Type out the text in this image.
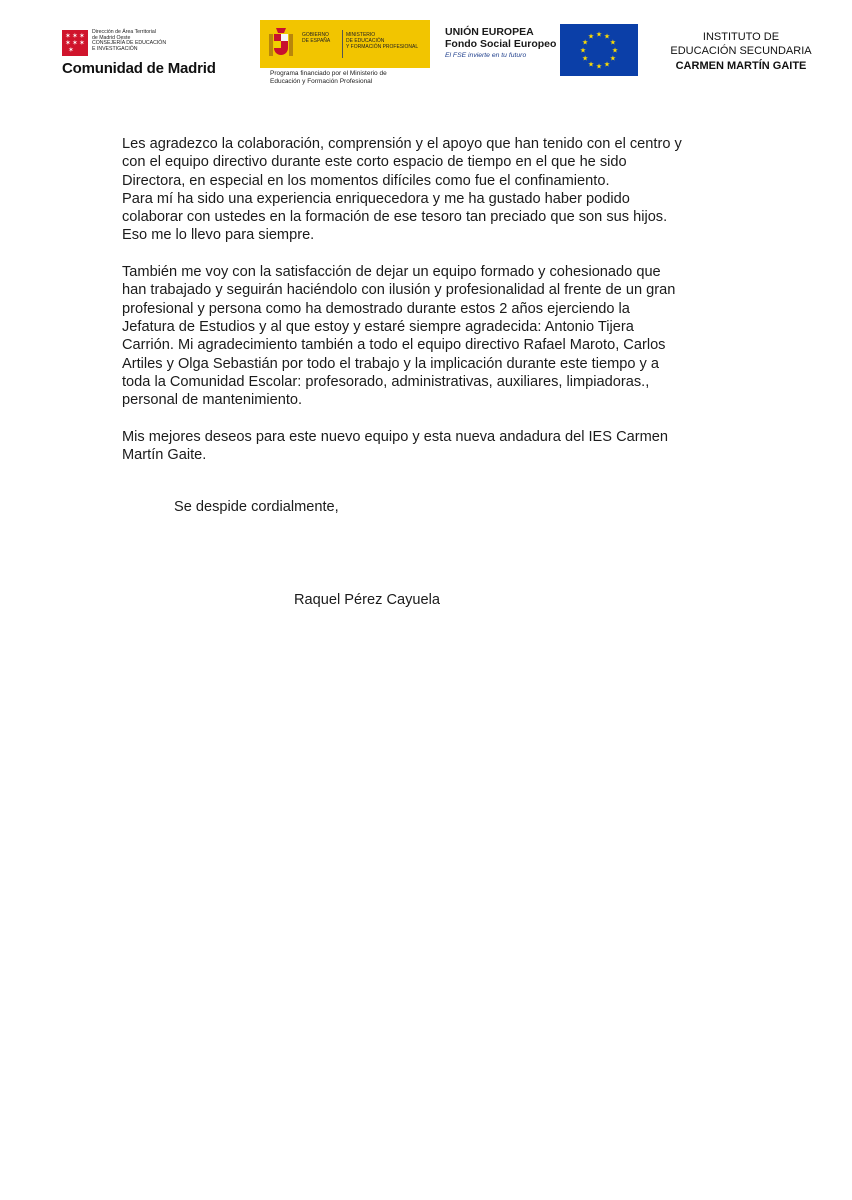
✶ ✶ ✶
✶ ✶ ✶
✶
Dirección de Área Territorial
de Madrid Oeste
CONSEJERÍA DE EDUCACIÓN
E INVESTIGACIÓN
Comunidad de Madrid
GOBIERNO
DE ESPAÑA
MINISTERIO
DE EDUCACIÓN
Y FORMACIÓN PROFESIONAL
Programa financiado por el Ministerio de
Educación y Formación Profesional
UNIÓN EUROPEA
Fondo Social Europeo
El FSE invierte en tu futuro
★ ★
★
★
★
★
★
★
★
★
★
★	INSTITUTO DE
EDUCACIÓN SECUNDARIA
CARMEN MARTÍN GAITE

Les agradezco la colaboración, comprensión y el apoyo que han tenido con el centro y
con el equipo directivo durante este corto espacio de tiempo en el que he sido
Directora, en especial en los momentos difíciles como fue el confinamiento.
Para mí ha sido una experiencia enriquecedora y me ha gustado haber podido
colaborar con ustedes en la formación de ese tesoro tan preciado que son sus hijos.
Eso me lo llevo para siempre.

También me voy con la satisfacción de dejar un equipo formado y cohesionado que
han trabajado y seguirán haciéndolo con ilusión y profesionalidad al frente de un gran
profesional y persona como ha demostrado durante estos 2 años ejerciendo la
Jefatura de Estudios y al que estoy y estaré siempre agradecida: Antonio Tijera
Carrión. Mi agradecimiento también a todo el equipo directivo Rafael Maroto, Carlos
Artiles y Olga Sebastián por todo el trabajo y la implicación durante este tiempo y a
toda la Comunidad Escolar: profesorado, administrativas, auxiliares, limpiadoras.,
personal de mantenimiento.

Mis mejores deseos para este nuevo equipo y esta nueva andadura del IES Carmen
Martín Gaite.

Se despide cordialmente,
Raquel Pérez Cayuela
